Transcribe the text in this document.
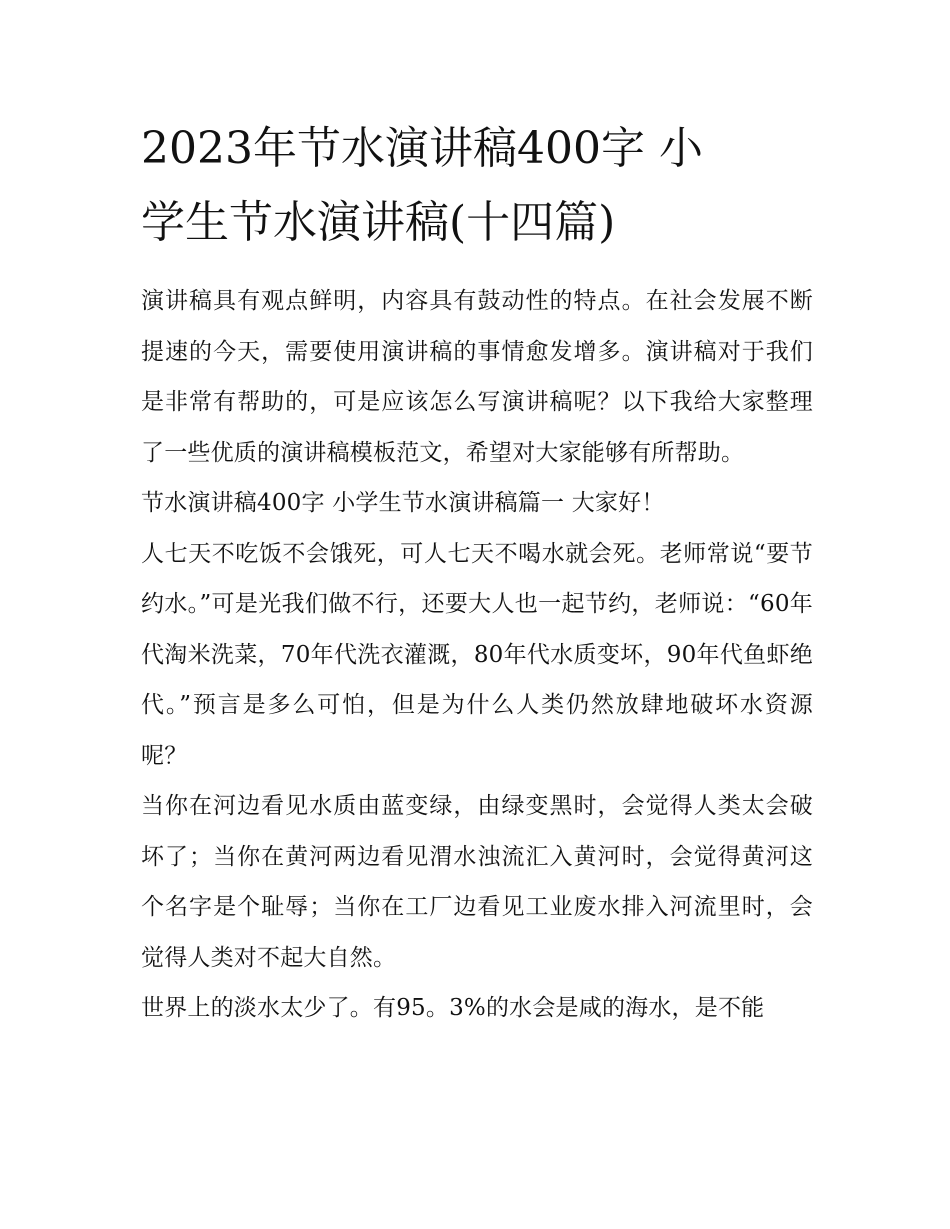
2023年节水演讲稿400字 小
学生节水演讲稿(十四篇)

演讲稿具有观点鲜明，内容具有鼓动性的特点。在社会发展不断提速的今天，需要使用演讲稿的事情愈发增多。演讲稿对于我们是非常有帮助的，可是应该怎么写演讲稿呢？以下我给大家整理了一些优质的演讲稿模板范文，希望对大家能够有所帮助。

节水演讲稿400字 小学生节水演讲稿篇一 大家好！

人七天不吃饭不会饿死，可人七天不喝水就会死。老师常说“要节约水。”可是光我们做不行，还要大人也一起节约，老师说：“60年代淘米洗菜，70年代洗衣灌溉，80年代水质变坏，90年代鱼虾绝代。”预言是多么可怕，但是为什么人类仍然放肆地破坏水资源呢？

当你在河边看见水质由蓝变绿，由绿变黑时，会觉得人类太会破坏了；当你在黄河两边看见渭水浊流汇入黄河时，会觉得黄河这个名字是个耻辱；当你在工厂边看见工业废水排入河流里时，会觉得人类对不起大自然。

世界上的淡水太少了。有95。3%的水会是咸的海水，是不能
